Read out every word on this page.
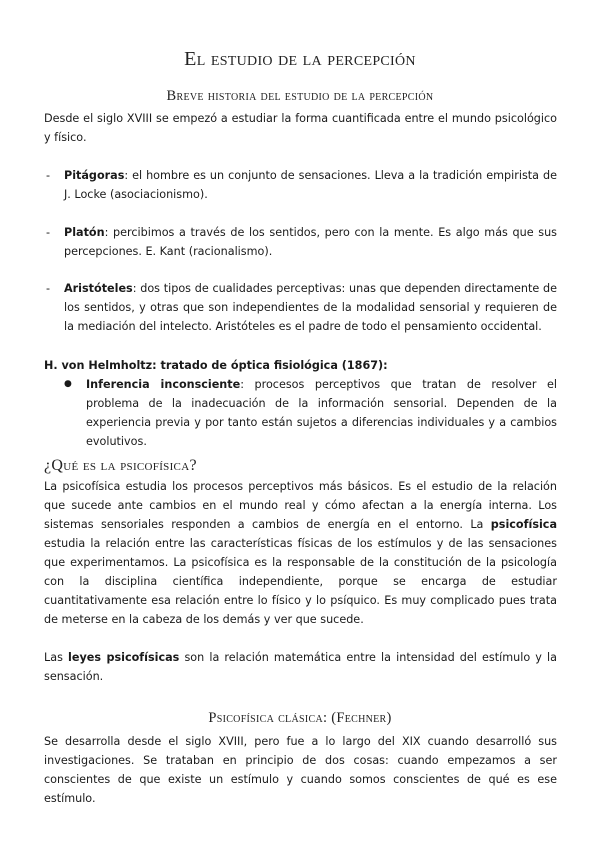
El estudio de la percepción
Breve historia del estudio de la percepción

Desde el siglo XVIII se empezó a estudiar la forma cuantificada entre el mundo psicológico y físico.

- Pitágoras: el hombre es un conjunto de sensaciones. Lleva a la tradición empirista de J. Locke (asociacionismo).
- Platón: percibimos a través de los sentidos, pero con la mente. Es algo más que sus percepciones. E. Kant (racionalismo).
- Aristóteles: dos tipos de cualidades perceptivas: unas que dependen directamente de los sentidos, y otras que son independientes de la modalidad sensorial y requieren de la mediación del intelecto. Aristóteles es el padre de todo el pensamiento occidental.

H. von Helmholtz: tratado de óptica fisiológica (1867):

● Inferencia inconsciente: procesos perceptivos que tratan de resolver el problema de la inadecuación de la información sensorial. Dependen de la experiencia previa y por tanto están sujetos a diferencias individuales y a cambios evolutivos.
¿Qué es la psicofísica?

La psicofísica estudia los procesos perceptivos más básicos. Es el estudio de la relación que sucede ante cambios en el mundo real y cómo afectan a la energía interna. Los sistemas sensoriales responden a cambios de energía en el entorno. La psicofísica estudia la relación entre las características físicas de los estímulos y de las sensaciones que experimentamos. La psicofísica es la responsable de la constitución de la psicología con la disciplina científica independiente, porque se encarga de estudiar cuantitativamente esa relación entre lo físico y lo psíquico. Es muy complicado pues trata de meterse en la cabeza de los demás y ver que sucede.

Las leyes psicofísicas son la relación matemática entre la intensidad del estímulo y la sensación.

Psicofísica clásica: (Fechner)

Se desarrolla desde el siglo XVIII, pero fue a lo largo del XIX cuando desarrolló sus investigaciones. Se trataban en principio de dos cosas: cuando empezamos a ser conscientes de que existe un estímulo y cuando somos conscientes de qué es ese estímulo.
